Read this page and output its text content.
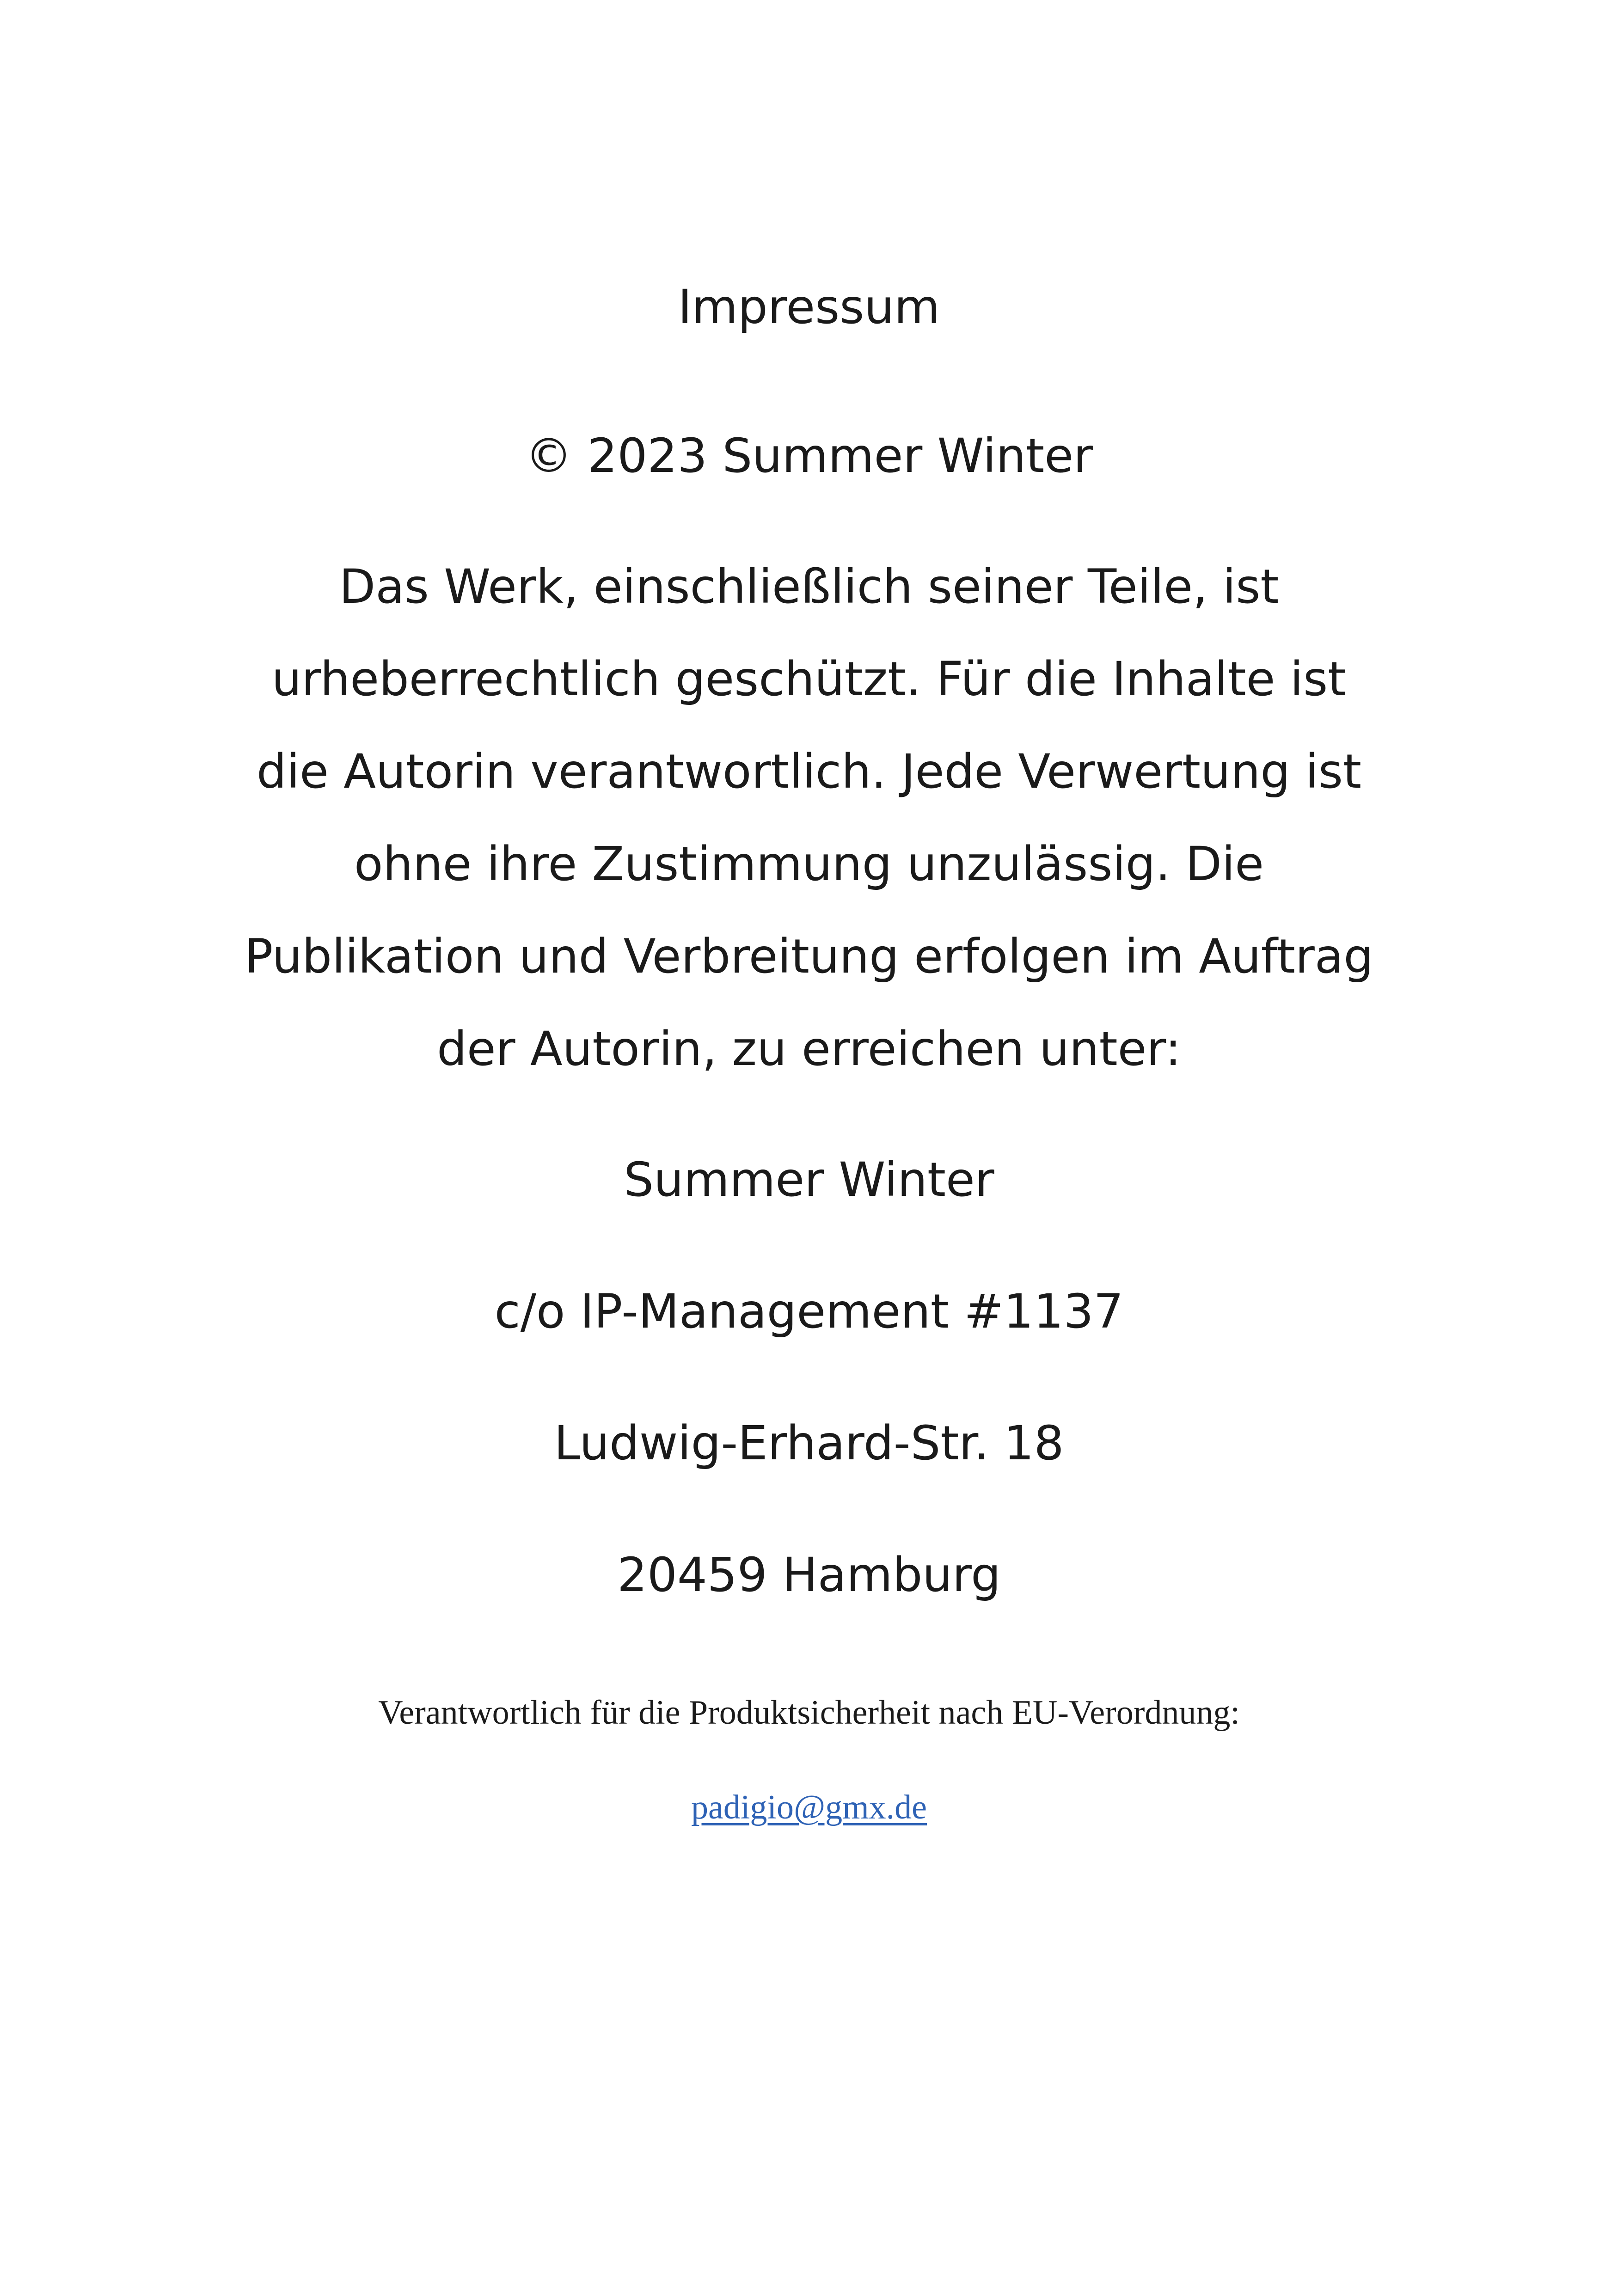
Impressum
© 2023 Summer Winter
Das Werk, einschließlich seiner Teile, ist
urheberrechtlich geschützt. Für die Inhalte ist
die Autorin verantwortlich. Jede Verwertung ist
ohne ihre Zustimmung unzulässig. Die
Publikation und Verbreitung erfolgen im Auftrag
der Autorin, zu erreichen unter:
Summer Winter
c/o IP-Management #1137
Ludwig-Erhard-Str. 18
20459 Hamburg
Verantwortlich für die Produktsicherheit nach EU-Verordnung:
padigio@gmx.de
